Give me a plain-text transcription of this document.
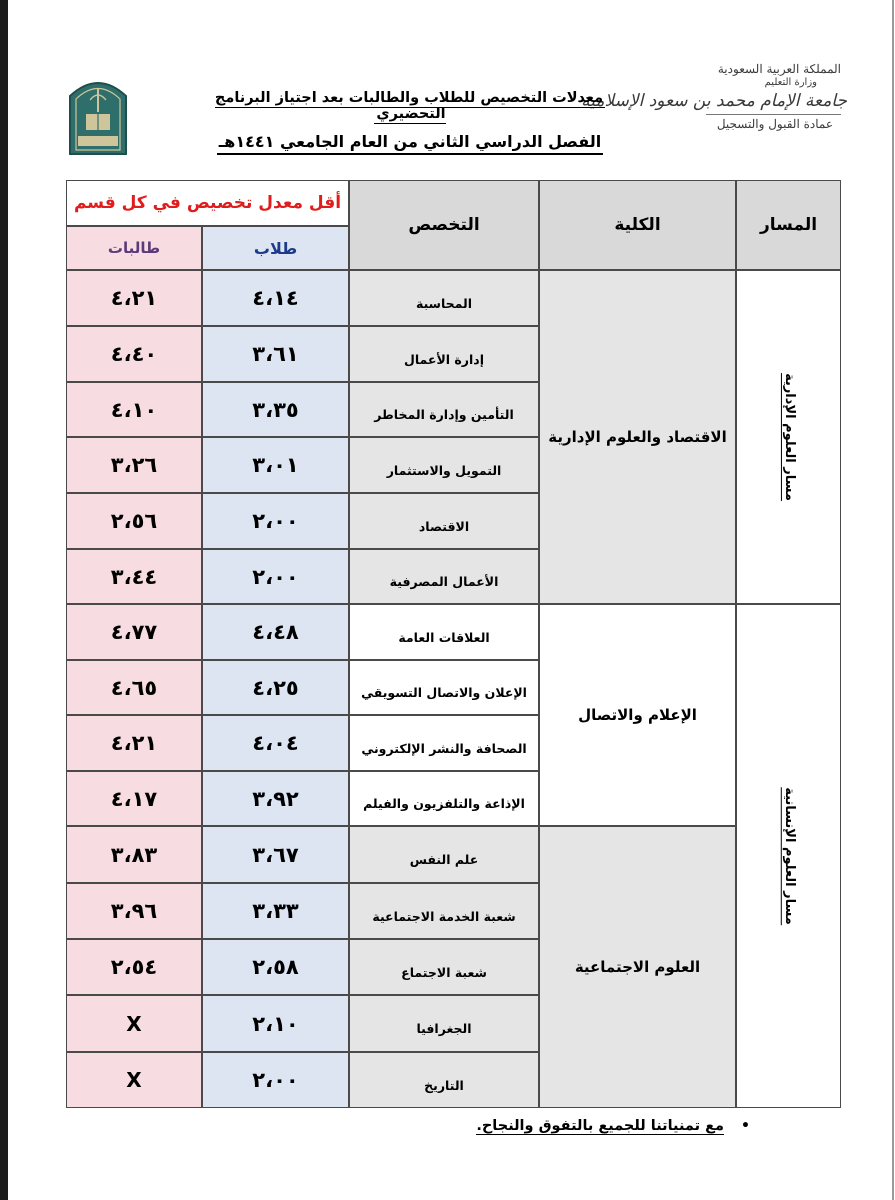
المملكة العربية السعودية
وزارة التعليم
جامعة الإمام محمد بن سعود الإسلامية
عمادة القبول والتسجيل
معدلات التخصيص للطلاب والطالبات بعد اجتياز البرنامج التحضيري
الفصل الدراسي الثاني من العام الجامعي ١٤٤١هـ
المسار
الكلية
التخصص
أقل معدل تخصيص في كل قسم
طلاب
طالبات
مسار العلوم الإدارية
مسار العلوم الإنسانية
الاقتصاد والعلوم الإدارية
الإعلام والاتصال
العلوم الاجتماعية
المحاسبة
٤،١٤
٤،٢١
إدارة الأعمال
٣،٦١
٤،٤٠
التأمين وإدارة المخاطر
٣،٣٥
٤،١٠
التمويل والاستثمار
٣،٠١
٣،٢٦
الاقتصاد
٢،٠٠
٢،٥٦
الأعمال المصرفية
٢،٠٠
٣،٤٤
العلاقات العامة
٤،٤٨
٤،٧٧
الإعلان والاتصال التسويقي
٤،٢٥
٤،٦٥
الصحافة والنشر الإلكتروني
٤،٠٤
٤،٢١
الإذاعة والتلفزيون والفيلم
٣،٩٢
٤،١٧
علم النفس
٣،٦٧
٣،٨٣
شعبة الخدمة الاجتماعية
٣،٣٣
٣،٩٦
شعبة الاجتماع
٢،٥٨
٢،٥٤
الجغرافيا
٢،١٠
X
التاريخ
٢،٠٠
X
• مع تمنياتنا للجميع بالتفوق والنجاح.
